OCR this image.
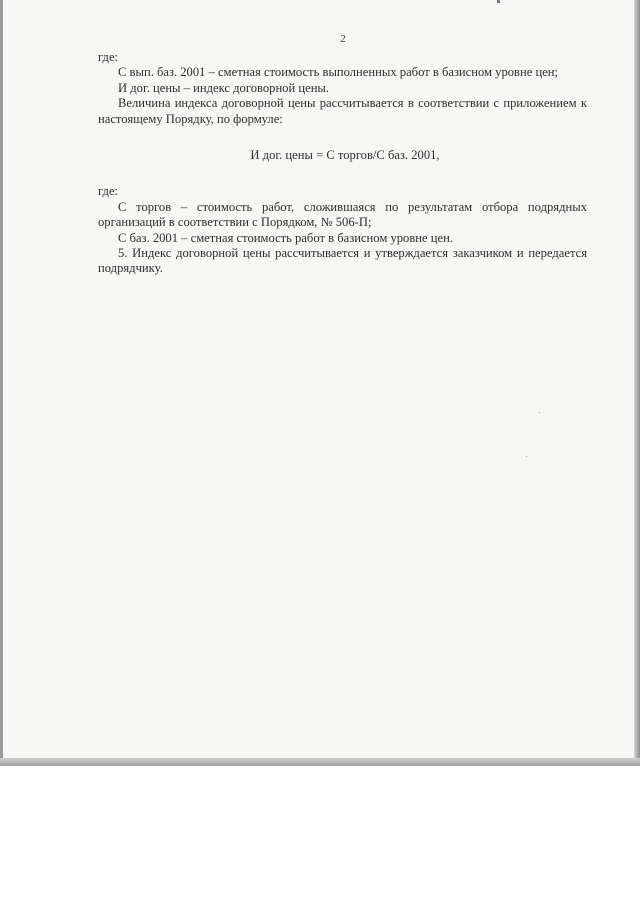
2

где:

С вып. баз. 2001 – сметная стоимость выполненных работ в базисном уровне цен;

И дог. цены – индекс договорной цены.

Величина индекса договорной цены рассчитывается в соответствии с приложением к настоящему Порядку, по формуле:

И дог. цены = С торгов/С баз. 2001,

где:

С торгов – стоимость работ, сложившаяся по результатам отбора подрядных организаций в соответствии с Порядком, № 506-П;

С баз. 2001 – сметная стоимость работ в базисном уровне цен.

5. Индекс договорной цены рассчитывается и утверждается заказчиком и передается подрядчику.
